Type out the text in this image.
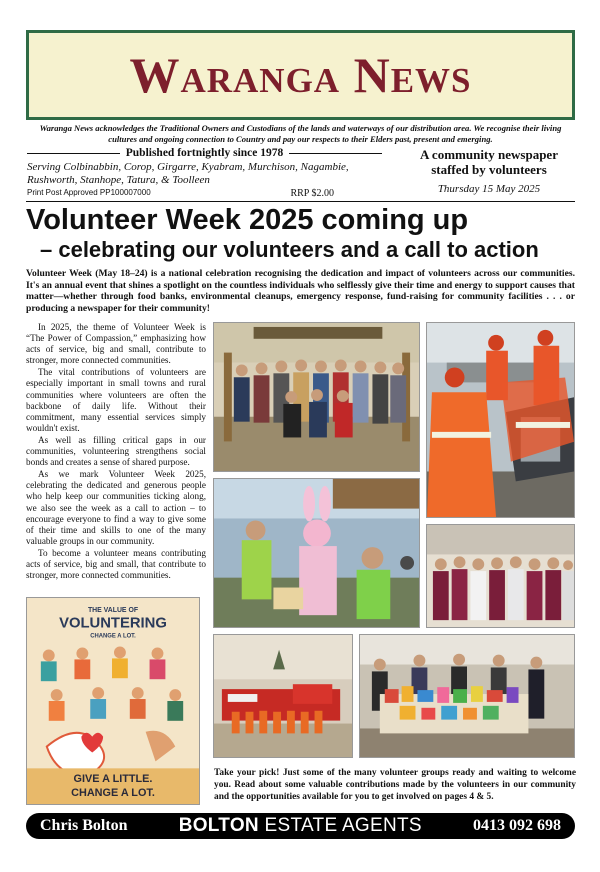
Waranga News
Waranga News acknowledges the Traditional Owners and Custodians of the lands and waterways of our distribution area. We recognise their living cultures and ongoing connection to Country and pay our respects to their Elders past, present and emerging.
Published fortnightly since 1978
Serving Colbinabbin, Corop, Girgarre, Kyabram, Murchison, Nagambie, Rushworth, Stanhope, Tatura, & Toolleen
Print Post Approved PP100007000	RRP $2.00
A community newspaper staffed by volunteers
Thursday 15 May 2025
Volunteer Week 2025 coming up
– celebrating our volunteers and a call to action
Volunteer Week (May 18–24) is a national celebration recognising the dedication and impact of volunteers across our communities. It's an annual event that shines a spotlight on the countless individuals who selflessly give their time and energy to support causes that matter—whether through food banks, environmental cleanups, emergency response, fund-raising for community facilities . . . or producing a newspaper for their community!

In 2025, the theme of Volunteer Week is “The Power of Compassion,” emphasizing how acts of service, big and small, contribute to stronger, more connected communities.

The vital contributions of volunteers are especially important in small towns and rural communities where volunteers are often the backbone of daily life. Without their commitment, many essential services simply wouldn't exist.

As well as filling critical gaps in our communities, volunteering strengthens social bonds and creates a sense of shared purpose.

As we mark Volunteer Week 2025, celebrating the dedicated and generous people who help keep our communities ticking along, we also see the week as a call to action – to encourage everyone to find a way to give some of their time and skills to one of the many valuable groups in our community.

To become a volunteer means contributing acts of service, big and small, that contribute to stronger, more connected communities.

THE VALUE OF
VOLUNTERING
CHANGE A LOT.
GIVE A LITTLE.
CHANGE A LOT.
Take your pick! Just some of the many volunteer groups ready and waiting to welcome you. Read about some valuable contributions made by the volunteers in our community and the opportunities available for you to get involved on pages 4 & 5.
Chris Bolton	BOLTON ESTATE AGENTS	0413 092 698
